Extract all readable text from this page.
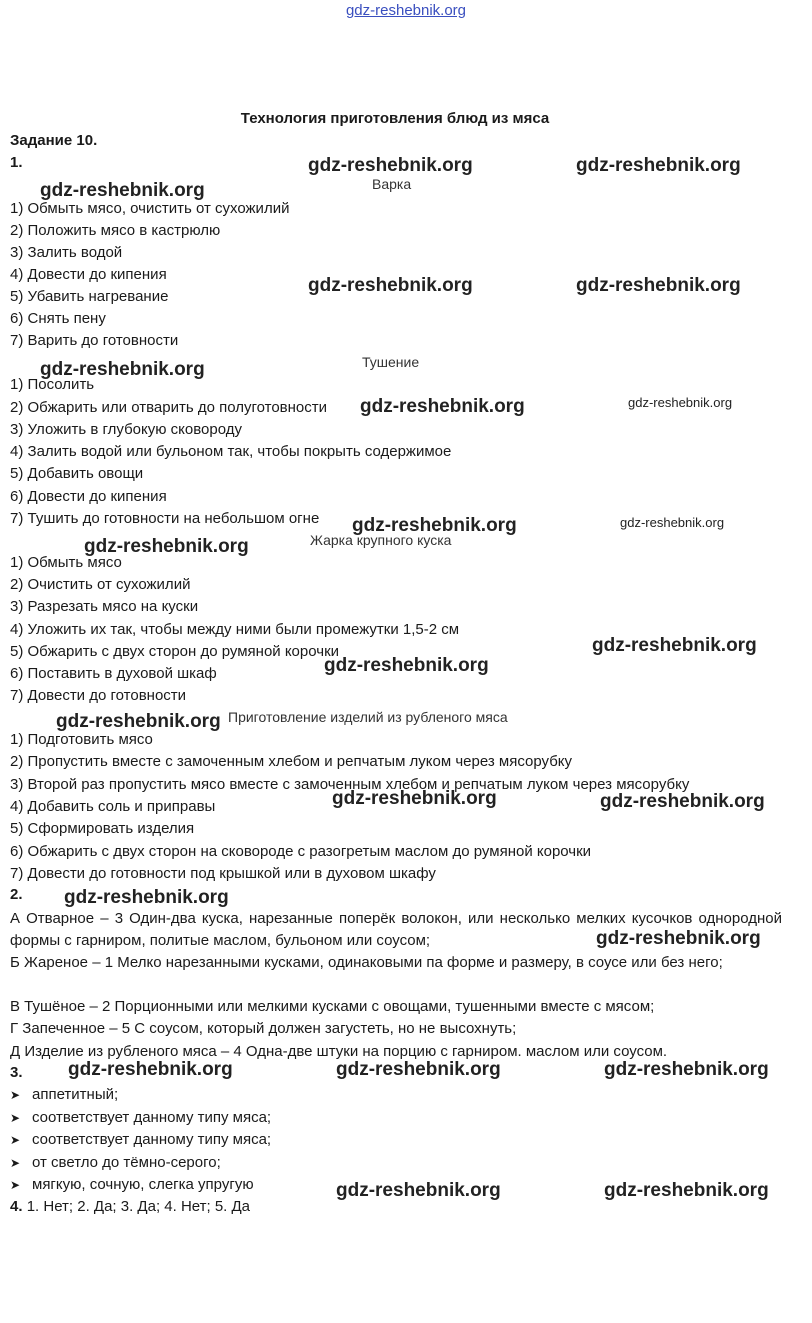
gdz-reshebnik.org
Технология приготовления блюд из мяса
Задание 10.
1.
Варка
1) Обмыть мясо, очистить от сухожилий
2) Положить мясо в кастрюлю
3) Залить водой
4) Довести до кипения
5) Убавить нагревание
6) Снять пену
7) Варить до готовности
Тушение
1) Посолить
2) Обжарить или отварить до полуготовности
3) Уложить в глубокую сковороду
4) Залить водой или бульоном так, чтобы покрыть содержимое
5) Добавить овощи
6) Довести до кипения
7) Тушить до готовности на небольшом огне
Жарка крупного куска
1) Обмыть мясо
2) Очистить от сухожилий
3) Разрезать мясо на куски
4) Уложить их так, чтобы между ними были промежутки 1,5-2 см
5) Обжарить с двух сторон до румяной корочки
6) Поставить в духовой шкаф
7) Довести до готовности
Приготовление изделий из рубленого мяса
1) Подготовить мясо
2) Пропустить вместе с замоченным хлебом и репчатым луком через мясорубку
3) Второй раз пропустить мясо вместе с замоченным хлебом и репчатым луком через мясорубку
4) Добавить соль и приправы
5) Сформировать изделия
6) Обжарить с двух сторон на сковороде с разогретым маслом до румяной корочки
7) Довести до готовности под крышкой или в духовом шкафу
2.
А Отварное – 3 Один-два куска, нарезанные поперёк волокон, или несколько мелких кусочков однородной формы с гарниром, политые маслом, бульоном или соусом;
Б Жареное – 1 Мелко нарезанными кусками, одинаковыми па форме и размеру, в соусе или без него;
В Тушёное – 2 Порционными или мелкими кусками с овощами, тушенными вместе с мясом;
Г Запеченное – 5 С соусом, который должен загустеть, но не высохнуть;
Д Изделие из рубленого мяса – 4 Одна-две штуки на порцию с гарниром. маслом или соусом.
3.
➤ аппетитный;
➤ соответствует данному типу мяса;
➤ соответствует данному типу мяса;
➤ от светло до тёмно-серого;
➤ мягкую, сочную, слегка упругую
4. 1. Нет; 2. Да; 3. Да; 4. Нет; 5. Да
gdz-reshebnik.org	gdz-reshebnik.org
gdz-reshebnik.org
gdz-reshebnik.org	gdz-reshebnik.org
gdz-reshebnik.org
gdz-reshebnik.org	gdz-reshebnik.org
gdz-reshebnik.org	gdz-reshebnik.org
gdz-reshebnik.org
gdz-reshebnik.org
gdz-reshebnik.org
gdz-reshebnik.org
gdz-reshebnik.org	gdz-reshebnik.org
gdz-reshebnik.org
gdz-reshebnik.org
gdz-reshebnik.org	gdz-reshebnik.org	gdz-reshebnik.org
gdz-reshebnik.org	gdz-reshebnik.org
